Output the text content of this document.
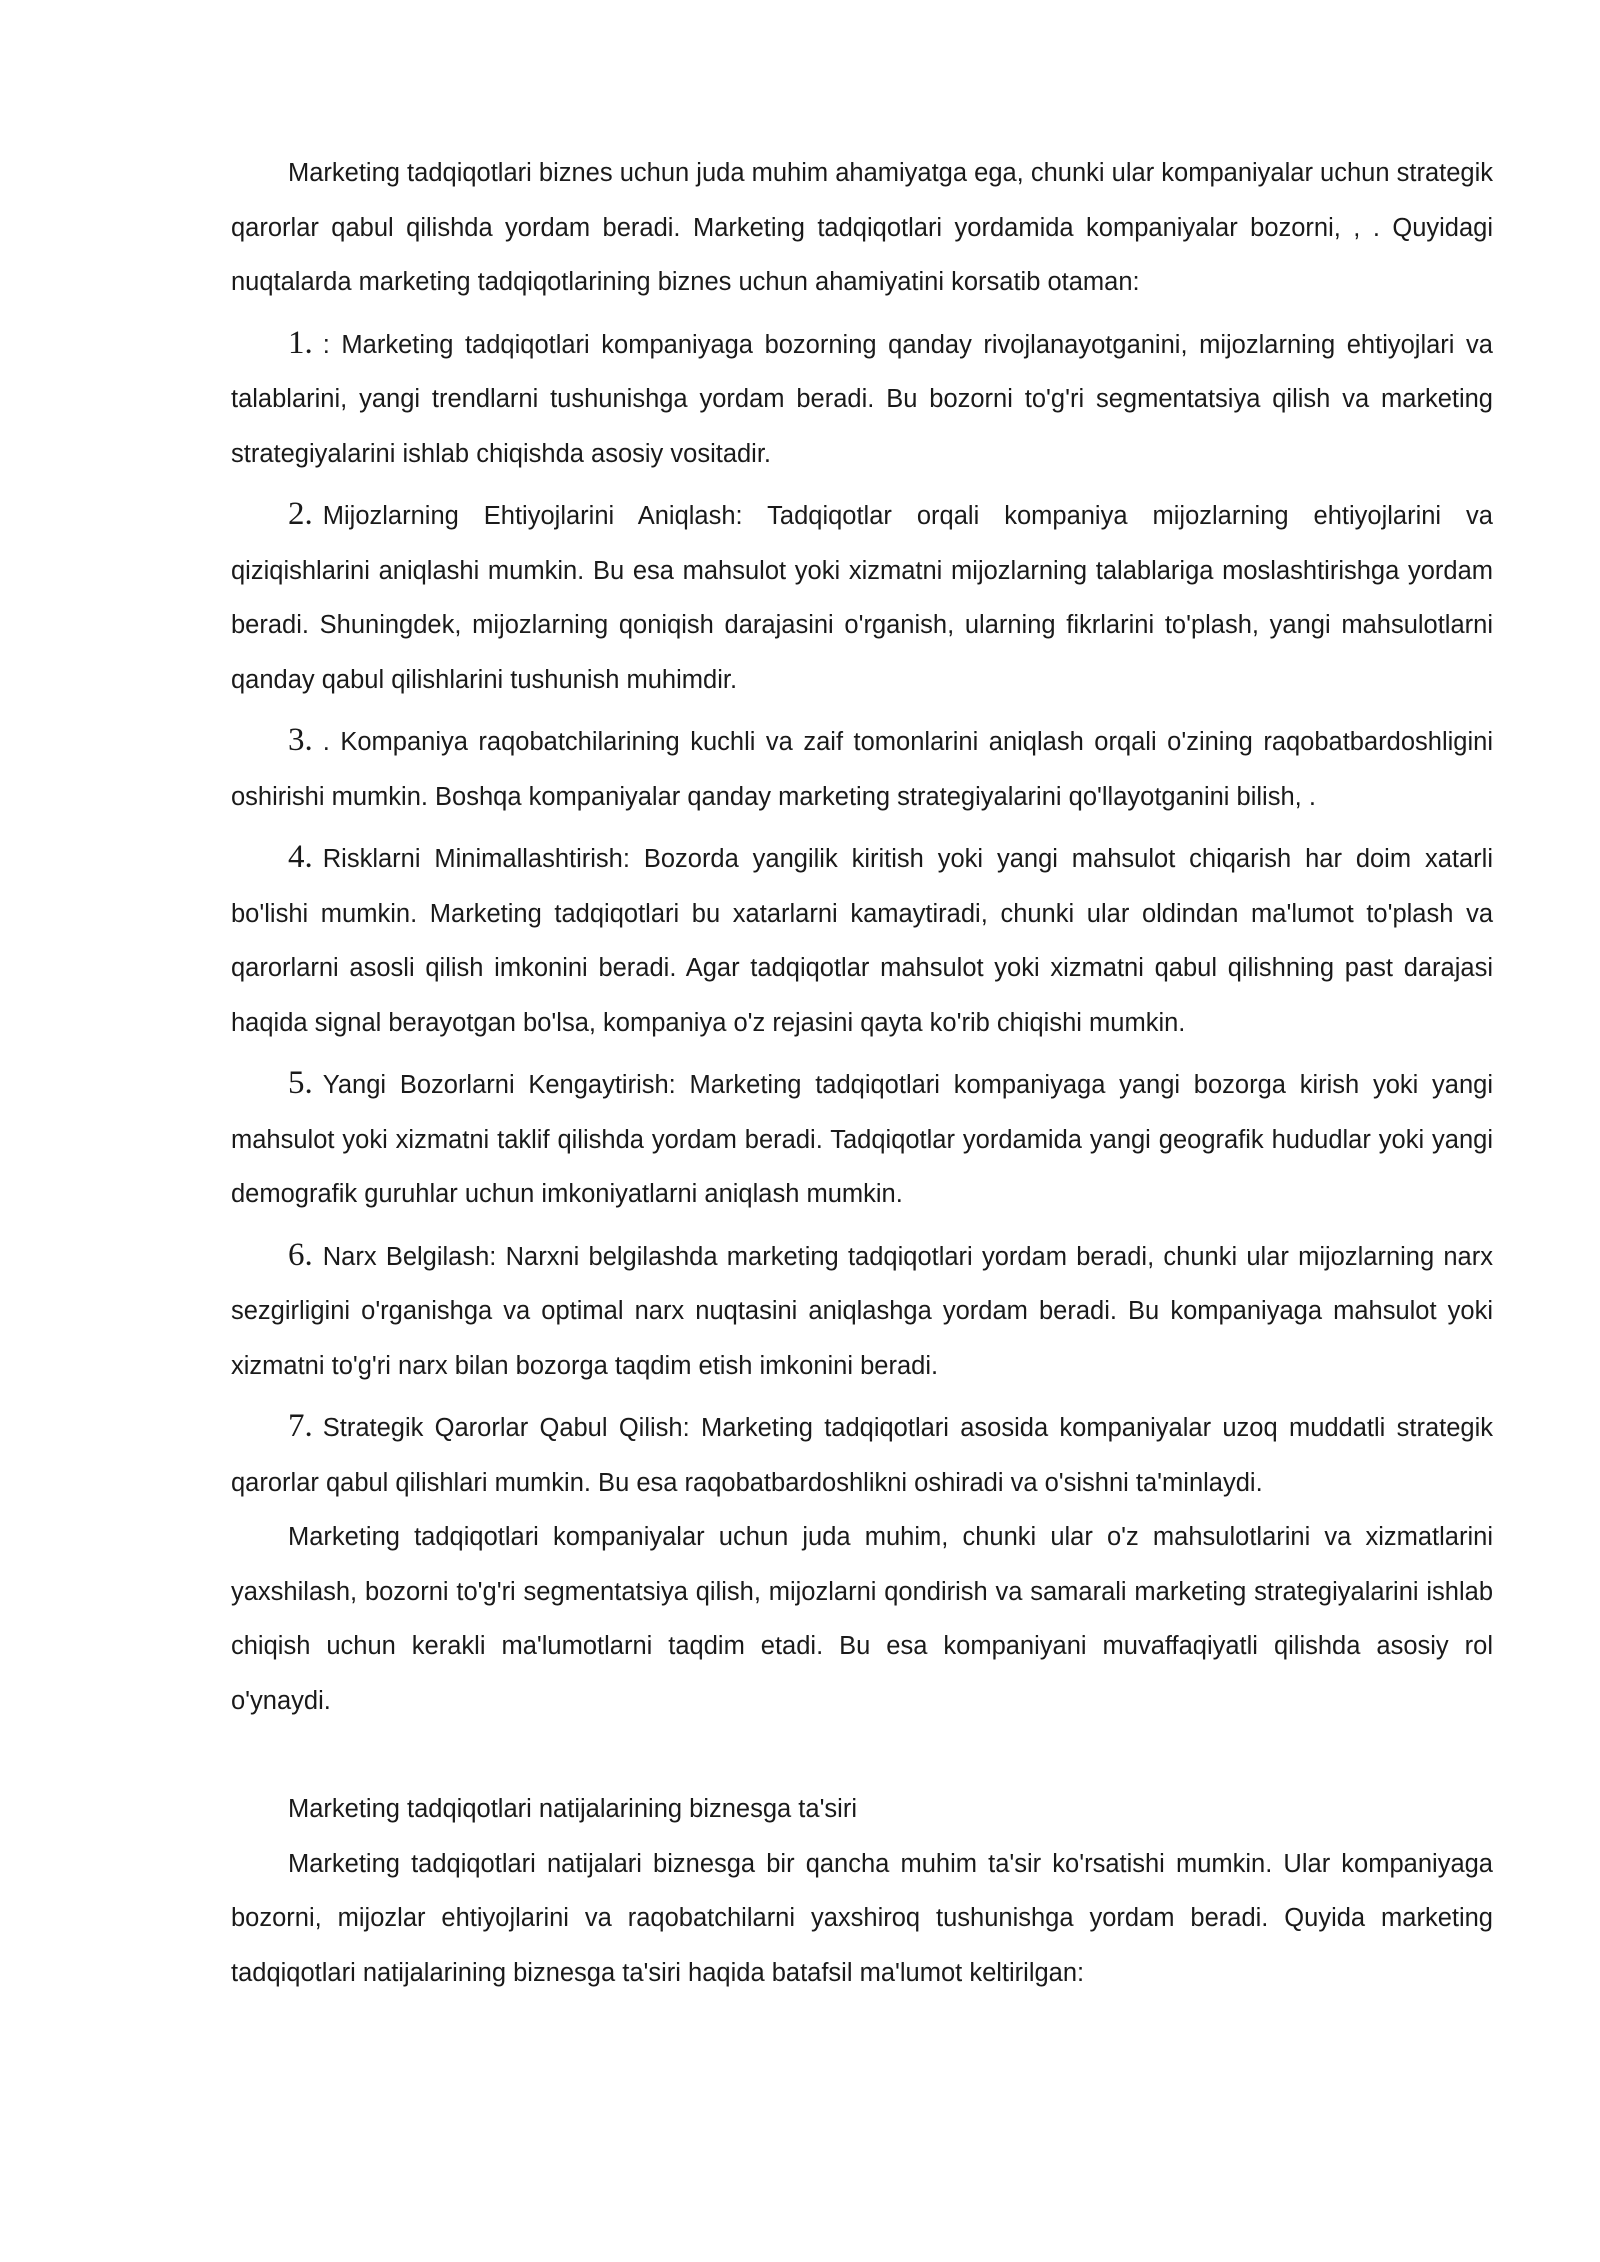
Marketing tadqiqotlari biznes uchun juda muhim ahamiyatga ega, chunki ular kompaniyalar uchun strategik qarorlar qabul qilishda yordam beradi. Marketing tadqiqotlari yordamida kompaniyalar bozorni, , . Quyidagi nuqtalarda marketing tadqiqotlarining biznes uchun ahamiyatini korsatib otaman:

1. : Marketing tadqiqotlari kompaniyaga bozorning qanday rivojlanayotganini, mijozlarning ehtiyojlari va talablarini, yangi trendlarni tushunishga yordam beradi. Bu bozorni to'g'ri segmentatsiya qilish va marketing strategiyalarini ishlab chiqishda asosiy vositadir.

2. Mijozlarning Ehtiyojlarini Aniqlash: Tadqiqotlar orqali kompaniya mijozlarning ehtiyojlarini va qiziqishlarini aniqlashi mumkin. Bu esa mahsulot yoki xizmatni mijozlarning talablariga moslashtirishga yordam beradi. Shuningdek, mijozlarning qoniqish darajasini o'rganish, ularning fikrlarini to'plash, yangi mahsulotlarni qanday qabul qilishlarini tushunish muhimdir.

3. . Kompaniya raqobatchilarining kuchli va zaif tomonlarini aniqlash orqali o'zining raqobatbardoshligini oshirishi mumkin. Boshqa kompaniyalar qanday marketing strategiyalarini qo'llayotganini bilish, .

4. Risklarni Minimallashtirish: Bozorda yangilik kiritish yoki yangi mahsulot chiqarish har doim xatarli bo'lishi mumkin. Marketing tadqiqotlari bu xatarlarni kamaytiradi, chunki ular oldindan ma'lumot to'plash va qarorlarni asosli qilish imkonini beradi. Agar tadqiqotlar mahsulot yoki xizmatni qabul qilishning past darajasi haqida signal berayotgan bo'lsa, kompaniya o'z rejasini qayta ko'rib chiqishi mumkin.

5. Yangi Bozorlarni Kengaytirish: Marketing tadqiqotlari kompaniyaga yangi bozorga kirish yoki yangi mahsulot yoki xizmatni taklif qilishda yordam beradi. Tadqiqotlar yordamida yangi geografik hududlar yoki yangi demografik guruhlar uchun imkoniyatlarni aniqlash mumkin.

6. Narx Belgilash: Narxni belgilashda marketing tadqiqotlari yordam beradi, chunki ular mijozlarning narx sezgirligini o'rganishga va optimal narx nuqtasini aniqlashga yordam beradi. Bu kompaniyaga mahsulot yoki xizmatni to'g'ri narx bilan bozorga taqdim etish imkonini beradi.

7. Strategik Qarorlar Qabul Qilish: Marketing tadqiqotlari asosida kompaniyalar uzoq muddatli strategik qarorlar qabul qilishlari mumkin. Bu esa raqobatbardoshlikni oshiradi va o'sishni ta'minlaydi.

Marketing tadqiqotlari kompaniyalar uchun juda muhim, chunki ular o'z mahsulotlarini va xizmatlarini yaxshilash, bozorni to'g'ri segmentatsiya qilish, mijozlarni qondirish va samarali marketing strategiyalarini ishlab chiqish uchun kerakli ma'lumotlarni taqdim etadi. Bu esa kompaniyani muvaffaqiyatli qilishda asosiy rol o'ynaydi.

Marketing tadqiqotlari natijalarining biznesga ta'siri

Marketing tadqiqotlari natijalari biznesga bir qancha muhim ta'sir ko'rsatishi mumkin. Ular kompaniyaga bozorni, mijozlar ehtiyojlarini va raqobatchilarni yaxshiroq tushunishga yordam beradi. Quyida marketing tadqiqotlari natijalarining biznesga ta'siri haqida batafsil ma'lumot keltirilgan:
